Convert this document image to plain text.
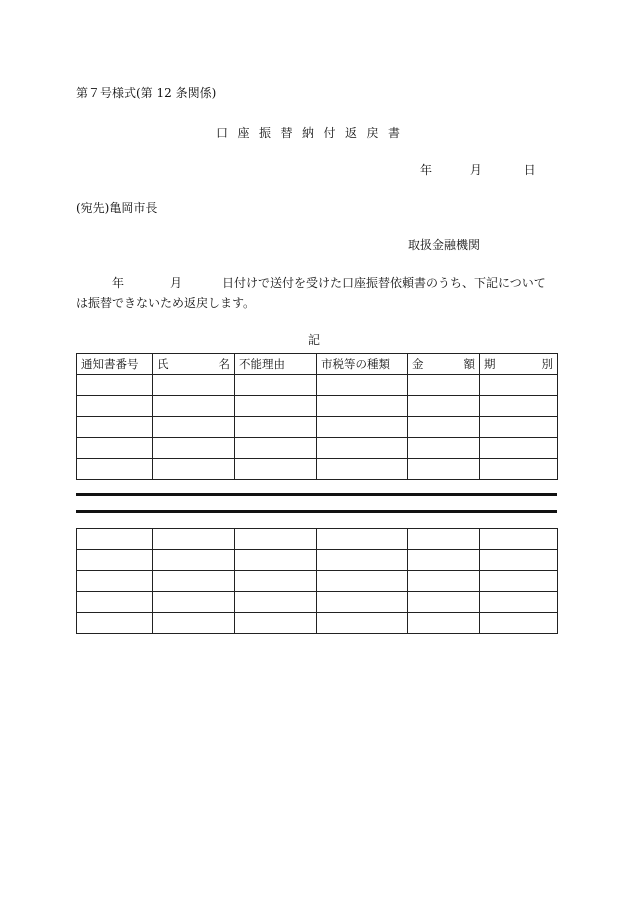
第７号様式(第 12 条関係)
口座振替納付返戻書
年	月	日
(宛先)亀岡市長
取扱金融機関
年	月	日付けで送付を受けた口座振替依頼書のうち、下記については振替できないため返戻します。
記
通知書番号	氏 名	不能理由	市税等の種類	金 額	期 別
